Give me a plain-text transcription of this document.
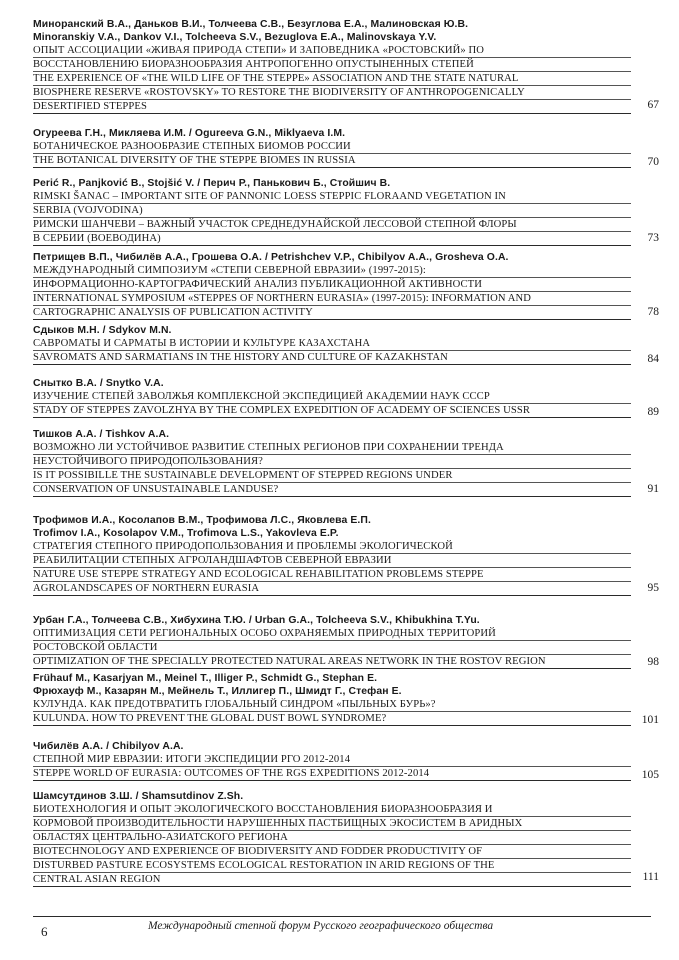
Миноранский В.А., Даньков В.И., Толчеева С.В., Безуглова Е.А., Малиновская Ю.В.
Minoranskiy V.A., Dankov V.I., Tolcheeva S.V., Bezuglova E.A., Malinovskaya Y.V.
ОПЫТ АССОЦИАЦИИ «ЖИВАЯ ПРИРОДА СТЕПИ» И ЗАПОВЕДНИКА «РОСТОВСКИЙ» ПО
ВОССТАНОВЛЕНИЮ БИОРАЗНООБРАЗИЯ АНТРОПОГЕННО ОПУСТЫНЕННЫХ СТЕПЕЙ
THE EXPERIENCE OF «THE WILD LIFE OF THE STEPPE» ASSOCIATION AND THE STATE NATURAL
BIOSPHERE RESERVE «ROSTOVSKY» TO RESTORE THE BIODIVERSITY OF ANTHROPOGENICALLY
DESERTIFIED STEPPES	67
Огуреева Г.Н., Микляева И.М. / Ogureeva G.N., Miklyaeva I.M.
БОТАНИЧЕСКОЕ РАЗНООБРАЗИЕ СТЕПНЫХ БИОМОВ РОССИИ
THE BOTANICAL DIVERSITY OF THE STEPPE BIOMES IN RUSSIA	70
Perić R., Panjković B., Stojšić V. / Перич Р., Панькович Б., Стойшич В.
RIMSKI ŠANAC – IMPORTANT SITE OF PANNONIC LOESS STEPPIC FLORAAND VEGETATION IN
SERBIA (VOJVODINA)
РИМСКИ ШАНЧЕВИ – ВАЖНЫЙ УЧАСТОК СРЕДНЕДУНАЙСКОЙ ЛЕССОВОЙ СТЕПНОЙ ФЛОРЫ
В СЕРБИИ (ВОЕВОДИНА)	73
Петрищев В.П., Чибилёв А.А., Грошева О.А. / Petrishchev V.P., Chibilyov A.A., Grosheva O.A.
МЕЖДУНАРОДНЫЙ СИМПОЗИУМ «СТЕПИ СЕВЕРНОЙ ЕВРАЗИИ» (1997-2015):
ИНФОРМАЦИОННО-КАРТОГРАФИЧЕСКИЙ АНАЛИЗ ПУБЛИКАЦИОННОЙ АКТИВНОСТИ
INTERNATIONAL SYMPOSIUM «STEPPES OF NORTHERN EURASIA» (1997-2015): INFORMATION AND
CARTOGRAPHIC ANALYSIS OF PUBLICATION ACTIVITY	78
Сдыков М.Н. / Sdykov M.N.
САВРОМАТЫ И САРМАТЫ В ИСТОРИИ И КУЛЬТУРЕ КАЗАХСТАНА
SAVROMATS AND SARMATIANS IN THE HISTORY AND CULTURE OF KAZAKHSTAN	84
Снытко В.А. / Snytko V.A.
ИЗУЧЕНИЕ СТЕПЕЙ ЗАВОЛЖЬЯ КОМПЛЕКСНОЙ ЭКСПЕДИЦИЕЙ АКАДЕМИИ НАУК СССР
STADY OF STEPPES ZAVOLZHYA BY THE COMPLEX EXPEDITION OF ACADEMY OF SCIENCES USSR	89
Тишков А.А. / Tishkov A.A.
ВОЗМОЖНО ЛИ УСТОЙЧИВОЕ РАЗВИТИЕ СТЕПНЫХ РЕГИОНОВ ПРИ СОХРАНЕНИИ ТРЕНДА
НЕУСТОЙЧИВОГО ПРИРОДОПОЛЬЗОВАНИЯ?
IS IT POSSIBILLE THE SUSTAINABLE DEVELOPMENT OF STEPPED REGIONS UNDER
CONSERVATION OF UNSUSTAINABLE LANDUSE?	91
Трофимов И.А., Косолапов В.М., Трофимова Л.С., Яковлева Е.П.
Trofimov I.A., Kosolapov V.M., Trofimova L.S., Yakovleva E.P.
СТРАТЕГИЯ СТЕПНОГО ПРИРОДОПОЛЬЗОВАНИЯ И ПРОБЛЕМЫ ЭКОЛОГИЧЕСКОЙ
РЕАБИЛИТАЦИИ СТЕПНЫХ АГРОЛАНДШАФТОВ СЕВЕРНОЙ ЕВРАЗИИ
NATURE USE STEPPE STRATEGY AND ECOLOGICAL REHABILITATION PROBLEMS STEPPE
AGROLANDSCAPES OF NORTHERN EURASIA	95
Урбан Г.А., Толчеева С.В., Хибухина Т.Ю. / Urban G.A., Tolcheeva S.V., Khibukhina T.Yu.
ОПТИМИЗАЦИЯ СЕТИ РЕГИОНАЛЬНЫХ ОСОБО ОХРАНЯЕМЫХ ПРИРОДНЫХ ТЕРРИТОРИЙ
РОСТОВСКОЙ ОБЛАСТИ
OPTIMIZATION OF THE SPECIALLY PROTECTED NATURAL AREAS NETWORK IN THE ROSTOV REGION	98
Frühauf M., Kasarjyan M., Meinel T., Illiger P., Schmidt G., Stephan E.
Фрюхауф М., Казарян М., Мейнель Т., Иллигер П., Шмидт Г., Стефан Е.
КУЛУНДА. КАК ПРЕДОТВРАТИТЬ ГЛОБАЛЬНЫЙ СИНДРОМ «ПЫЛЬНЫХ БУРЬ»?
KULUNDA. HOW TO PREVENT THE GLOBAL DUST BOWL SYNDROME?	101
Чибилёв А.А. / Chibilyov A.A.
СТЕПНОЙ МИР ЕВРАЗИИ: ИТОГИ ЭКСПЕДИЦИИ РГО 2012-2014
STEPPE WORLD OF EURASIA: OUTCOMES OF THE RGS EXPEDITIONS 2012-2014	105
Шамсутдинов З.Ш. / Shamsutdinov Z.Sh.
БИОТЕХНОЛОГИЯ И ОПЫТ ЭКОЛОГИЧЕСКОГО ВОССТАНОВЛЕНИЯ БИОРАЗНООБРАЗИЯ И
КОРМОВОЙ ПРОИЗВОДИТЕЛЬНОСТИ НАРУШЕННЫХ ПАСТБИЩНЫХ ЭКОСИСТЕМ В АРИДНЫХ
ОБЛАСТЯХ ЦЕНТРАЛЬНО-АЗИАТСКОГО РЕГИОНА
BIOTECHNOLOGY AND EXPERIENCE OF BIODIVERSITY AND FODDER PRODUCTIVITY OF
DISTURBED PASTURE ECOSYSTEMS ECOLOGICAL RESTORATION IN ARID REGIONS OF THE
CENTRAL ASIAN REGION	111
6	Международный степной форум Русского географического общества
